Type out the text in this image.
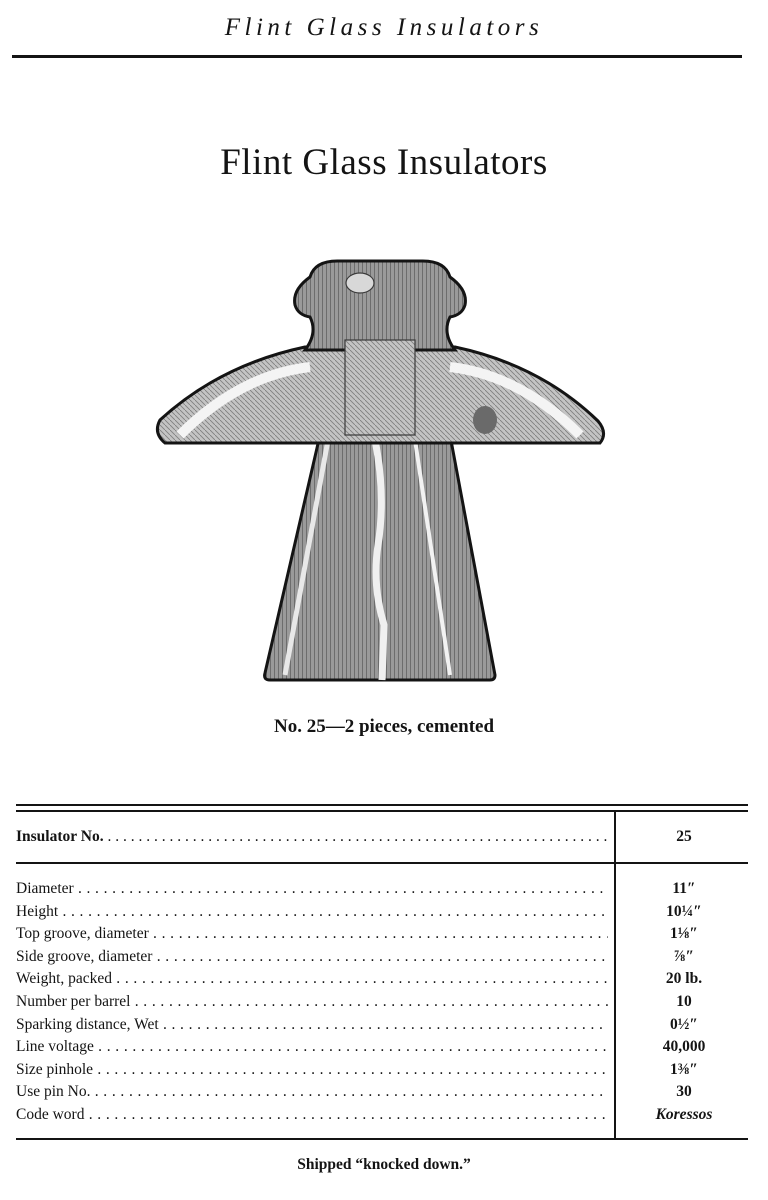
Flint Glass Insulators
Flint Glass Insulators
No. 25—2 pieces, cemented
Insulator No. . . .	25
Diameter . . .
Height . . .
Top groove, diameter . . .
Side groove, diameter . . .
Weight, packed . . .
Number per barrel . . .
Sparking distance, Wet . . .
Line voltage . . .
Size pinhole . . .
Use pin No. . . .
Code word . . .
11″
10¼″
1⅛″
⅞″
20 lb.
10
0½″
40,000
1⅜″
30
Koressos
Shipped “knocked down.”
